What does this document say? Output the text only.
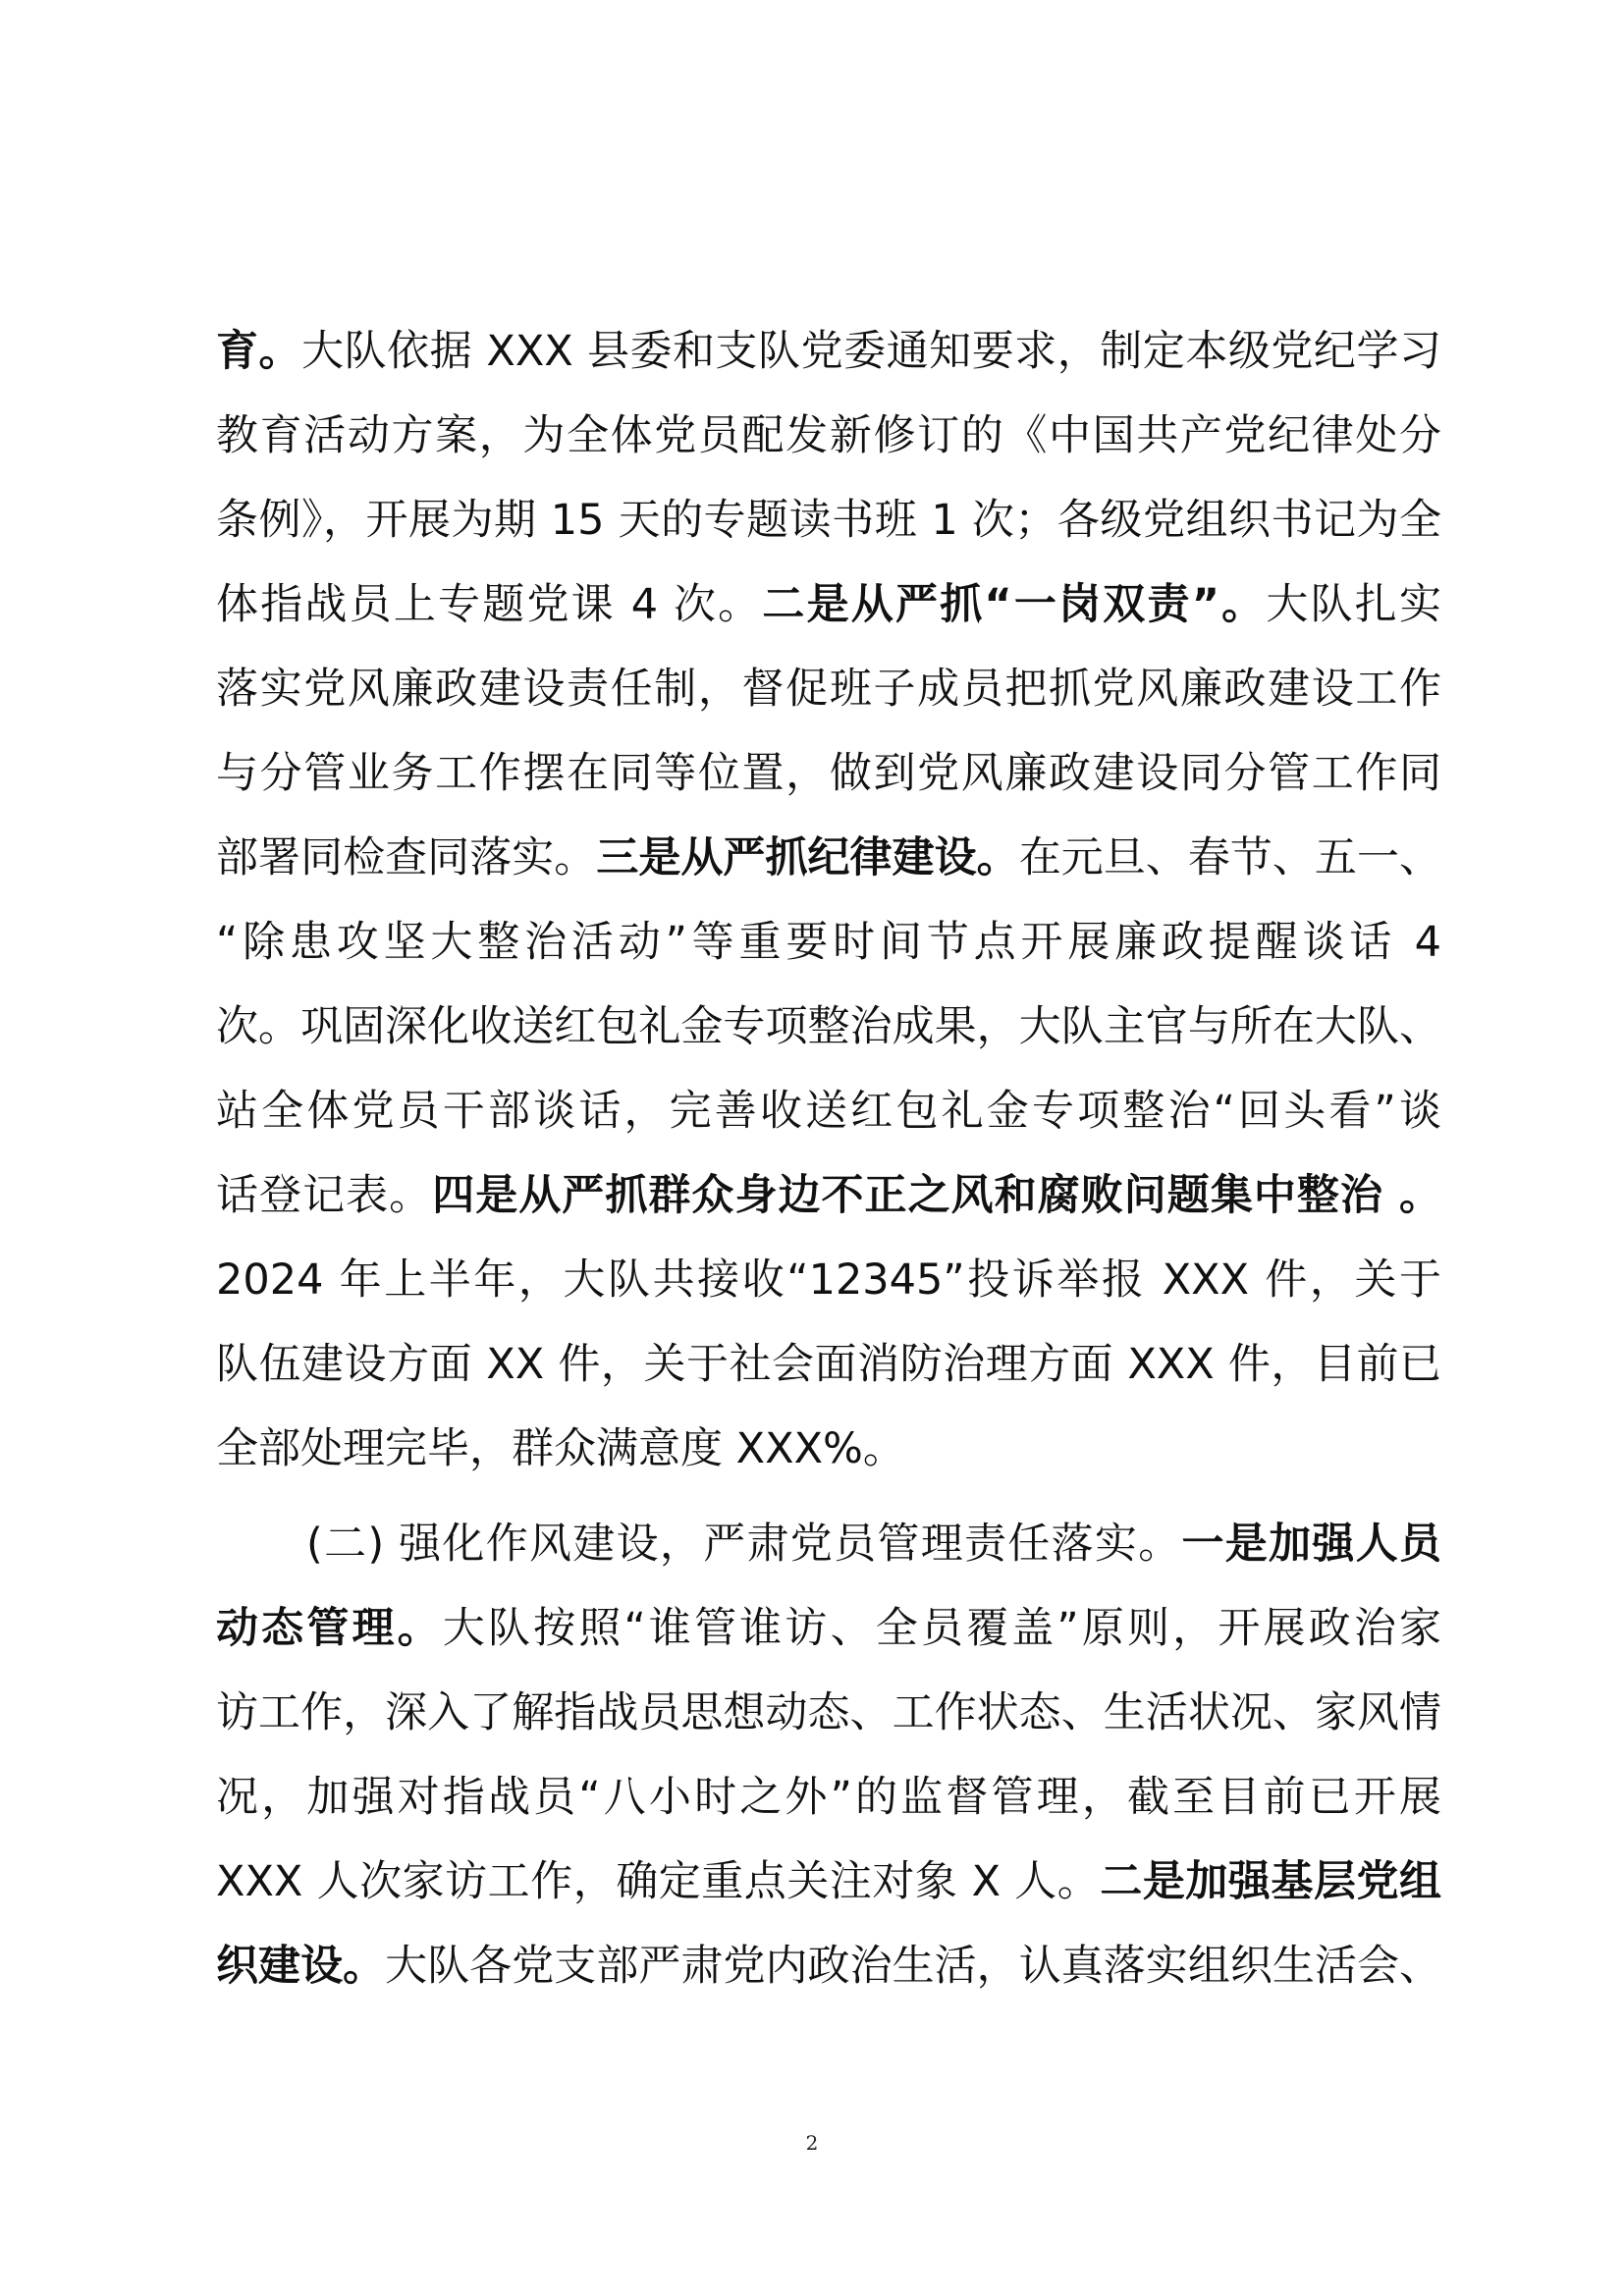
育。大队依据 XXX 县委和支队党委通知要求，制定本级党纪学习
教育活动方案，为全体党员配发新修订的《中国共产党纪律处分
条例》，开展为期 15 天的专题读书班 1 次；各级党组织书记为全
体指战员上专题党课 4 次。二是从严抓“一岗双责”。大队扎实
落实党风廉政建设责任制，督促班子成员把抓党风廉政建设工作
与分管业务工作摆在同等位置，做到党风廉政建设同分管工作同
部署同检查同落实。三是从严抓纪律建设。在元旦、春节、五一、
“除患攻坚大整治活动”等重要时间节点开展廉政提醒谈话 4
次。巩固深化收送红包礼金专项整治成果，大队主官与所在大队、
站全体党员干部谈话，完善收送红包礼金专项整治“回头看”谈
话登记表。四是从严抓群众身边不正之风和腐败问题集中整治 。
2024 年上半年，大队共接收“12345”投诉举报 XXX 件，关于
队伍建设方面 XX 件，关于社会面消防治理方面 XXX 件，目前已
全部处理完毕，群众满意度 XXX%。
(二) 强化作风建设，严肃党员管理责任落实。一是加强人员
动态管理。大队按照“谁管谁访、全员覆盖”原则，开展政治家
访工作，深入了解指战员思想动态、工作状态、生活状况、家风情
况，加强对指战员“八小时之外”的监督管理，截至目前已开展
XXX 人次家访工作，确定重点关注对象 X 人。二是加强基层党组
织建设。大队各党支部严肃党内政治生活，认真落实组织生活会、
2
